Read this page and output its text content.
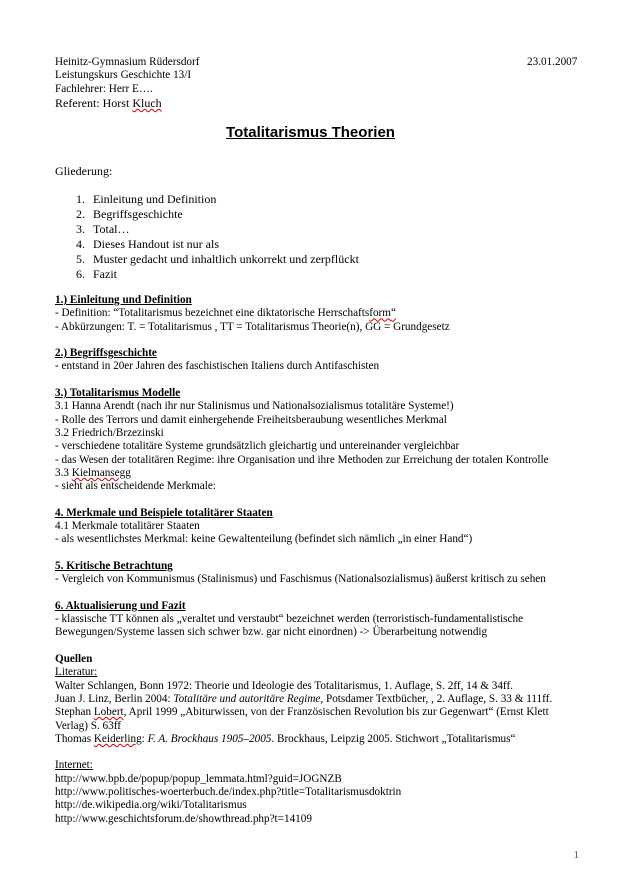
Heinitz-Gymnasium Rüdersdorf
Leistungskurs Geschichte 13/I
Fachlehrer: Herr E….
Referent: Horst Kluch
23.01.2007
Totalitarismus Theorien
Gliederung:
1. Einleitung und Definition
2. Begriffsgeschichte
3. Total…
4. Dieses Handout ist nur als
5. Muster gedacht und inhaltlich unkorrekt und zerpflückt
6. Fazit
1.) Einleitung und Definition
- Definition: “Totalitarismus bezeichnet eine diktatorische Herrschaftsform“
- Abkürzungen: T. = Totalitarismus , TT = Totalitarismus Theorie(n), GG = Grundgesetz
2.) Begriffsgeschichte
- entstand in 20er Jahren des faschistischen Italiens durch Antifaschisten
3.) Totalitarismus Modelle
3.1 Hanna Arendt (nach ihr nur Stalinismus und Nationalsozialismus totalitäre Systeme!)
- Rolle des Terrors und damit einhergehende Freiheitsberaubung wesentliches Merkmal
3.2 Friedrich/Brzezinski
- verschiedene totalitäre Systeme grundsätzlich gleichartig und untereinander vergleichbar
- das Wesen der totalitären Regime: ihre Organisation und ihre Methoden zur Erreichung der totalen Kontrolle
3.3 Kielmansegg
- sieht als entscheidende Merkmale:
4. Merkmale und Beispiele totalitärer Staaten
4.1 Merkmale totalitärer Staaten
- als wesentlichstes Merkmal: keine Gewaltenteilung (befindet sich nämlich „in einer Hand“)
5. Kritische Betrachtung
- Vergleich von Kommunismus (Stalinismus) und Faschismus (Nationalsozialismus) äußerst kritisch zu sehen
6. Aktualisierung und Fazit
- klassische TT können als „veraltet und verstaubt“ bezeichnet werden (terroristisch-fundamentalistische
Bewegungen/Systeme lassen sich schwer bzw. gar nicht einordnen) -> Überarbeitung notwendig
Quellen
Literatur:
Walter Schlangen, Bonn 1972: Theorie und Ideologie des Totalitarismus, 1. Auflage, S. 2ff, 14 & 34ff.
Juan J. Linz, Berlin 2004: Totalitäre und autoritäre Regime, Potsdamer Textbücher, , 2. Auflage, S. 33 & 111ff.
Stephan Lobert, April 1999 „Abiturwissen, von der Französischen Revolution bis zur Gegenwart“ (Ernst Klett
Verlag) S. 63ff
Thomas Keiderling: F. A. Brockhaus 1905–2005. Brockhaus, Leipzig 2005. Stichwort „Totalitarismus“
Internet:
http://www.bpb.de/popup/popup_lemmata.html?guid=JOGNZB
http://www.politisches-woerterbuch.de/index.php?title=Totalitarismusdoktrin
http://de.wikipedia.org/wiki/Totalitarismus
http://www.geschichtsforum.de/showthread.php?t=14109
1
